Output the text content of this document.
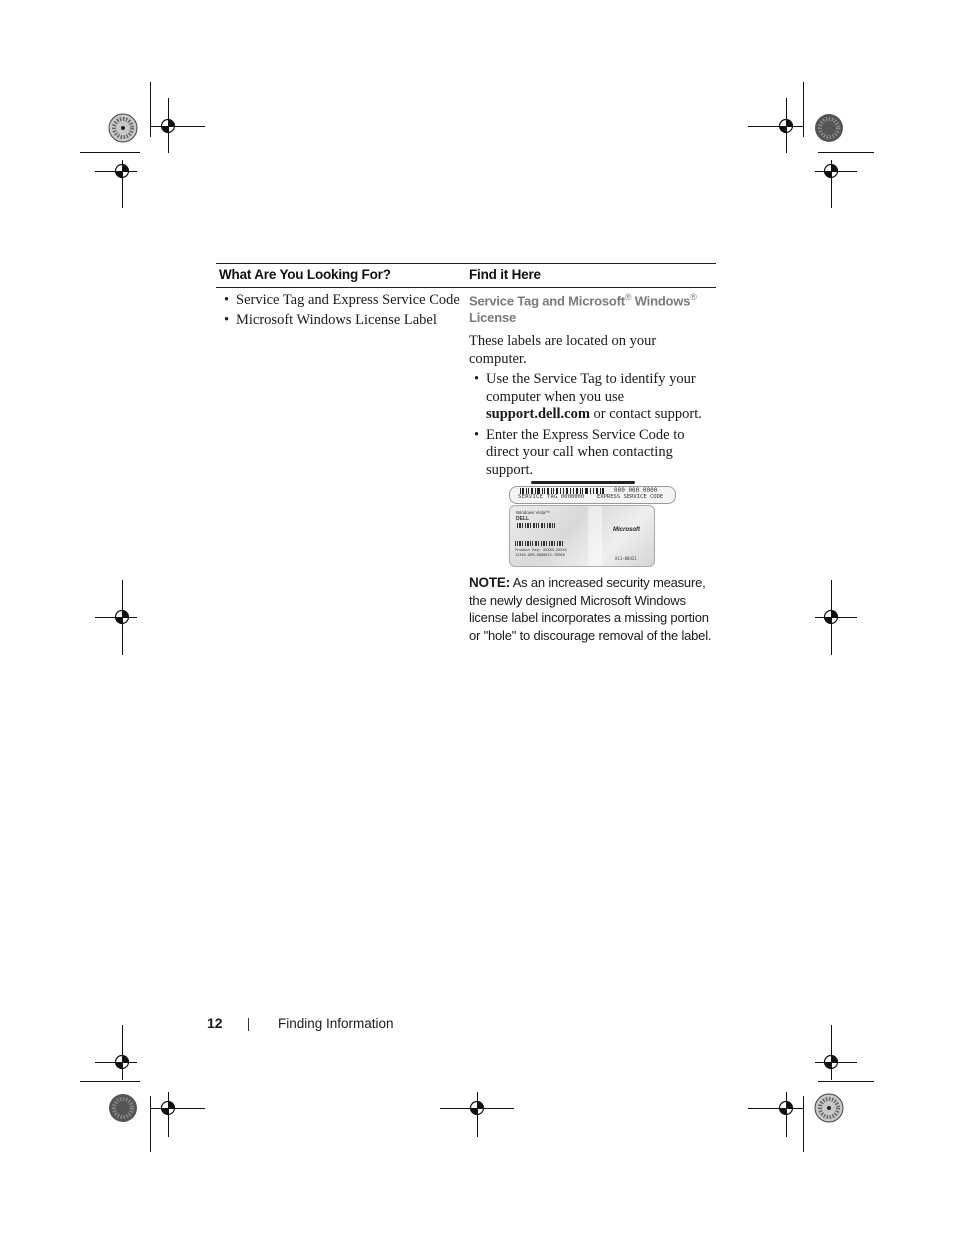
What Are You Looking For?	Find it Here
• Service Tag and Express Service Code
• Microsoft Windows License Label
Service Tag and Microsoft® Windows®
License
These labels are located on your computer.
• Use the Service Tag to identify your computer when you use support.dell.com or contact support.
• Enter the Express Service Code to direct your call when contacting support.
000 000 0000
SERVICE TAG 0000000 EXPRESS SERVICE CODE
Windows Vista™
DELL
Product Key: XXXXX-XXXXX
12345-OEM-0000012-78900
Microsoft
X11-08421
NOTE: As an increased security measure, the newly designed Microsoft Windows license label incorporates a missing portion or "hole" to discourage removal of the label.
12	Finding Information
